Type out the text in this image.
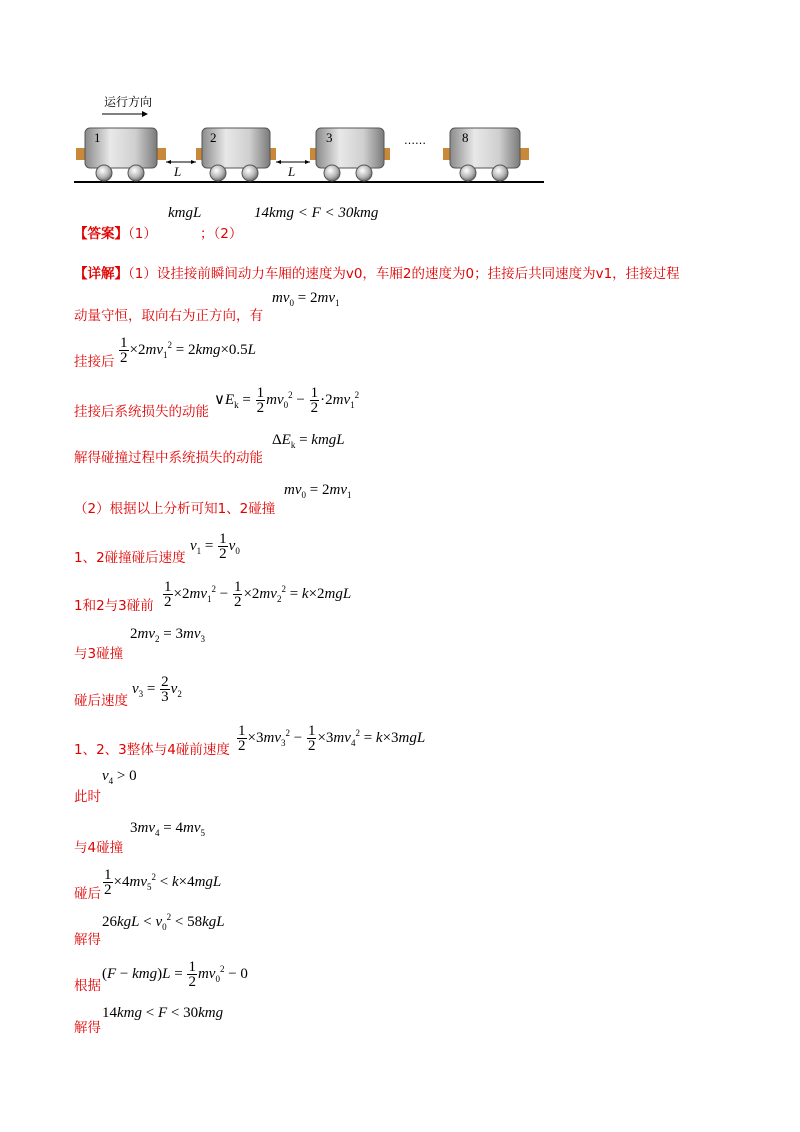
运行方向
1
L
2
L
3	……	8
【答案】（1）
kmgL
；（2）
14kmg < F < 30kmg
【详解】（1）设挂接前瞬间动力车厢的速度为v0，车厢2的速度为0；挂接后共同速度为v1，挂接过程
动量守恒，取向右为正方向，有
$mv_0 = 2mv_1$
挂接后 $\frac{1}{2} \times 2mv_1^2 = 2kmg\times 0.5L$
挂接后系统损失的动能
$\vee E_k = \frac{1}{2} mv_0^2 - \frac{1}{2} \cdot 2mv_1^2$
解得碰撞过程中系统损失的动能
$\Delta E_k$ = kmgL
（2）根据以上分析可知1、2碰撞
$mv_0 = 2mv_1$
1、2碰撞碰后速度
$v_1 = \frac{1}{2} v_0$
1和2与3碰前 $\frac{1}{2} \times 2mv_1^2 - \frac{1}{2} \times 2mv_2^2 = k\times 2mgL$
$2mv_2 = 3mv_3$
与3碰撞
碰后速度
$v_3 = \frac{2}{3} v_2$
1、2、3整体与4碰前速度 $\frac{1}{2} \times 3mv_3^2 - \frac{1}{2} \times 3mv_4^2 = k\times 3mgL$
$v_4 > 0$
此时
$3mv_4 = 4mv_5$
与4碰撞
碰后 $\frac{1}{2} \times 4mv_5^2 < k\times 4mgL$
$26kgL < v_0^2 < 58kgL$
解得
根据
$(F - kmg)L = \frac{1}{2} mv_0^2 - 0$
解得
14kmg < F < 30kmg
